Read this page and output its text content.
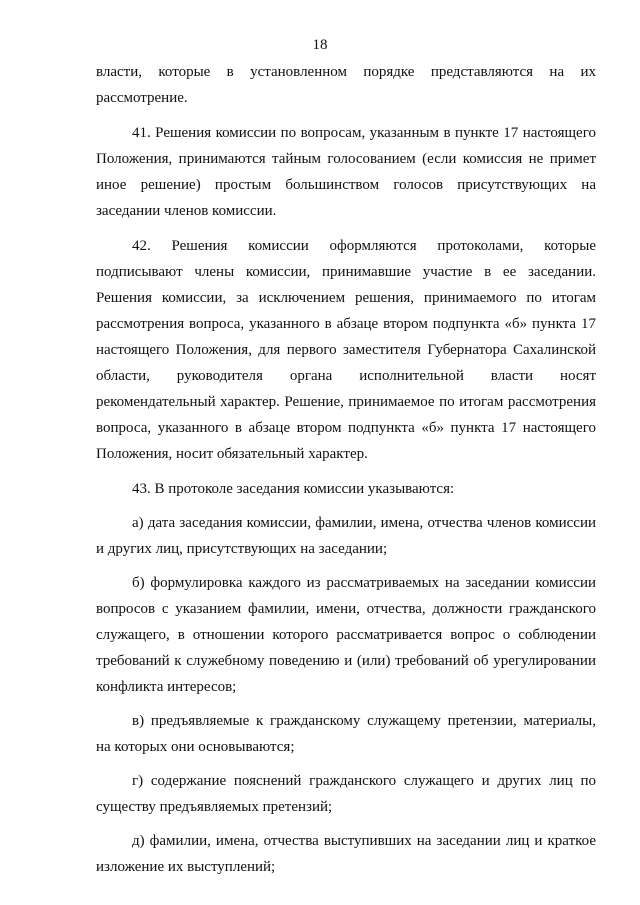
18

власти, которые в установленном порядке представляются на их рассмотрение.

41. Решения комиссии по вопросам, указанным в пункте 17 настоящего Положения, принимаются тайным голосованием (если комиссия не примет иное решение) простым большинством голосов присутствующих на заседании членов комиссии.

42. Решения комиссии оформляются протоколами, которые подписывают члены комиссии, принимавшие участие в ее заседании. Решения комиссии, за исключением решения, принимаемого по итогам рассмотрения вопроса, указанного в абзаце втором подпункта «б» пункта 17 настоящего Положения, для первого заместителя Губернатора Сахалинской области, руководителя органа исполнительной власти носят рекомендательный характер. Решение, принимаемое по итогам рассмотрения вопроса, указанного в абзаце втором подпункта «б» пункта 17 настоящего Положения, носит обязательный характер.

43. В протоколе заседания комиссии указываются:

а) дата заседания комиссии, фамилии, имена, отчества членов комиссии и других лиц, присутствующих на заседании;

б) формулировка каждого из рассматриваемых на заседании комиссии вопросов с указанием фамилии, имени, отчества, должности гражданского служащего, в отношении которого рассматривается вопрос о соблюдении требований к служебному поведению и (или) требований об урегулировании конфликта интересов;

в) предъявляемые к гражданскому служащему претензии, материалы, на которых они основываются;

г) содержание пояснений гражданского служащего и других лиц по существу предъявляемых претензий;

д) фамилии, имена, отчества выступивших на заседании лиц и краткое изложение их выступлений;
